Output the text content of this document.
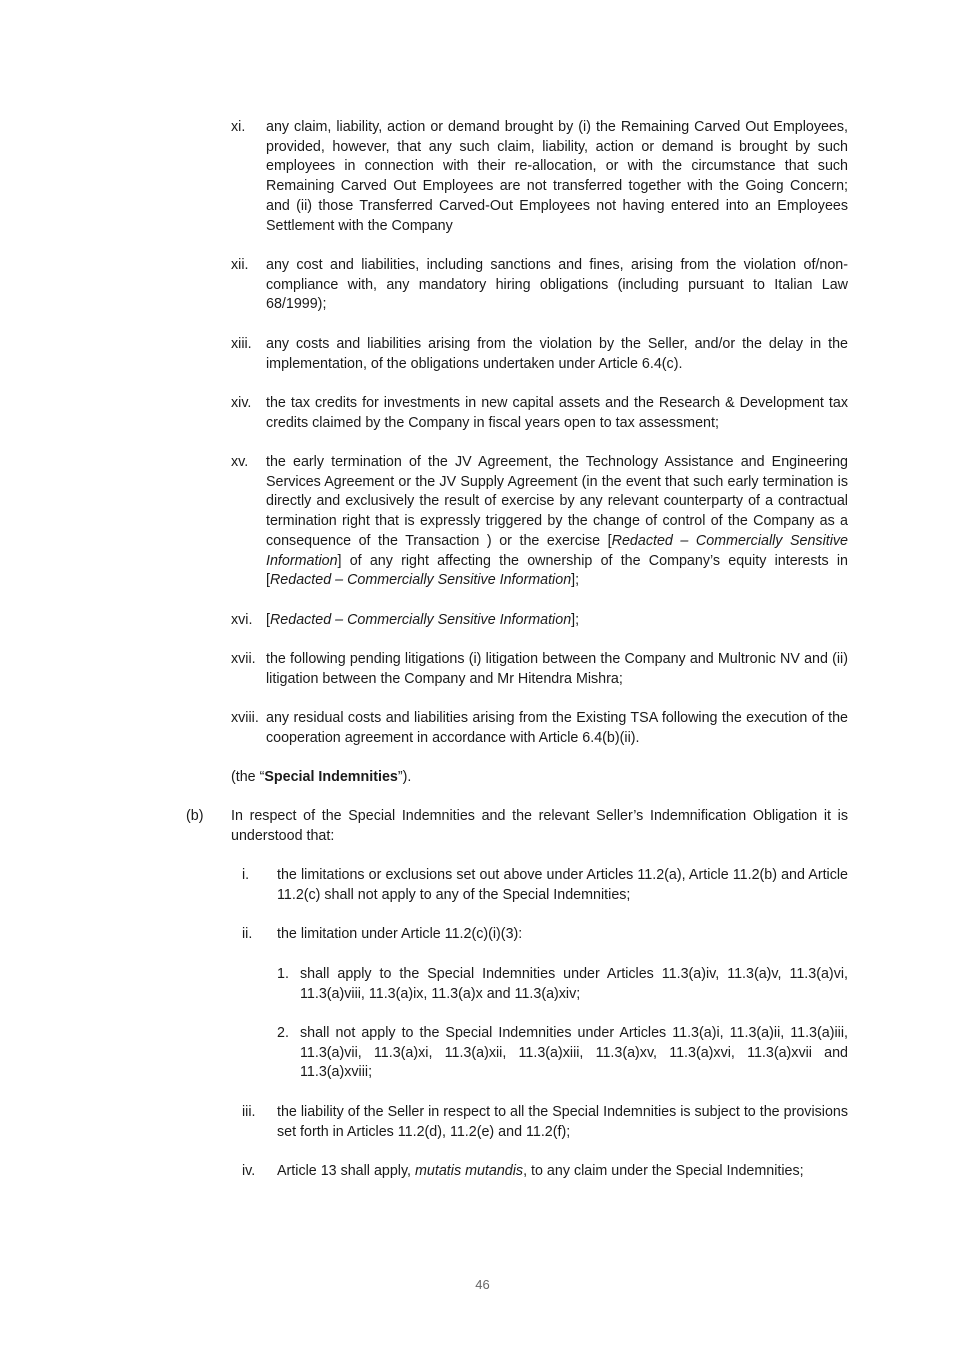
xi. any claim, liability, action or demand brought by (i) the Remaining Carved Out Employees, provided, however, that any such claim, liability, action or demand is brought by such employees in connection with their re-allocation, or with the circumstance that such Remaining Carved Out Employees are not transferred together with the Going Concern; and (ii) those Transferred Carved-Out Employees not having entered into an Employees Settlement with the Company
xii. any cost and liabilities, including sanctions and fines, arising from the violation of/non-compliance with, any mandatory hiring obligations (including pursuant to Italian Law 68/1999);
xiii. any costs and liabilities arising from the violation by the Seller, and/or the delay in the implementation, of the obligations undertaken under Article 6.4(c).
xiv. the tax credits for investments in new capital assets and the Research & Development tax credits claimed by the Company in fiscal years open to tax assessment;
xv. the early termination of the JV Agreement, the Technology Assistance and Engineering Services Agreement or the JV Supply Agreement (in the event that such early termination is directly and exclusively the result of exercise by any relevant counterparty of a contractual termination right that is expressly triggered by the change of control of the Company as a consequence of the Transaction ) or the exercise [Redacted – Commercially Sensitive Information] of any right affecting the ownership of the Company’s equity interests in [Redacted – Commercially Sensitive Information];
xvi. [Redacted – Commercially Sensitive Information];
xvii. the following pending litigations (i) litigation between the Company and Multronic NV and (ii) litigation between the Company and Mr Hitendra Mishra;
xviii. any residual costs and liabilities arising from the Existing TSA following the execution of the cooperation agreement in accordance with Article 6.4(b)(ii).
(the “Special Indemnities”).
(b) In respect of the Special Indemnities and the relevant Seller’s Indemnification Obligation it is understood that:
i. the limitations or exclusions set out above under Articles 11.2(a), Article 11.2(b) and Article 11.2(c) shall not apply to any of the Special Indemnities;
ii. the limitation under Article 11.2(c)(i)(3):
1. shall apply to the Special Indemnities under Articles 11.3(a)iv, 11.3(a)v, 11.3(a)vi, 11.3(a)viii, 11.3(a)ix, 11.3(a)x and 11.3(a)xiv;
2. shall not apply to the Special Indemnities under Articles 11.3(a)i, 11.3(a)ii, 11.3(a)iii, 11.3(a)vii, 11.3(a)xi, 11.3(a)xii, 11.3(a)xiii, 11.3(a)xv, 11.3(a)xvi, 11.3(a)xvii and 11.3(a)xviii;
iii. the liability of the Seller in respect to all the Special Indemnities is subject to the provisions set forth in Articles 11.2(d), 11.2(e) and 11.2(f);
iv. Article 13 shall apply, mutatis mutandis, to any claim under the Special Indemnities;
46
